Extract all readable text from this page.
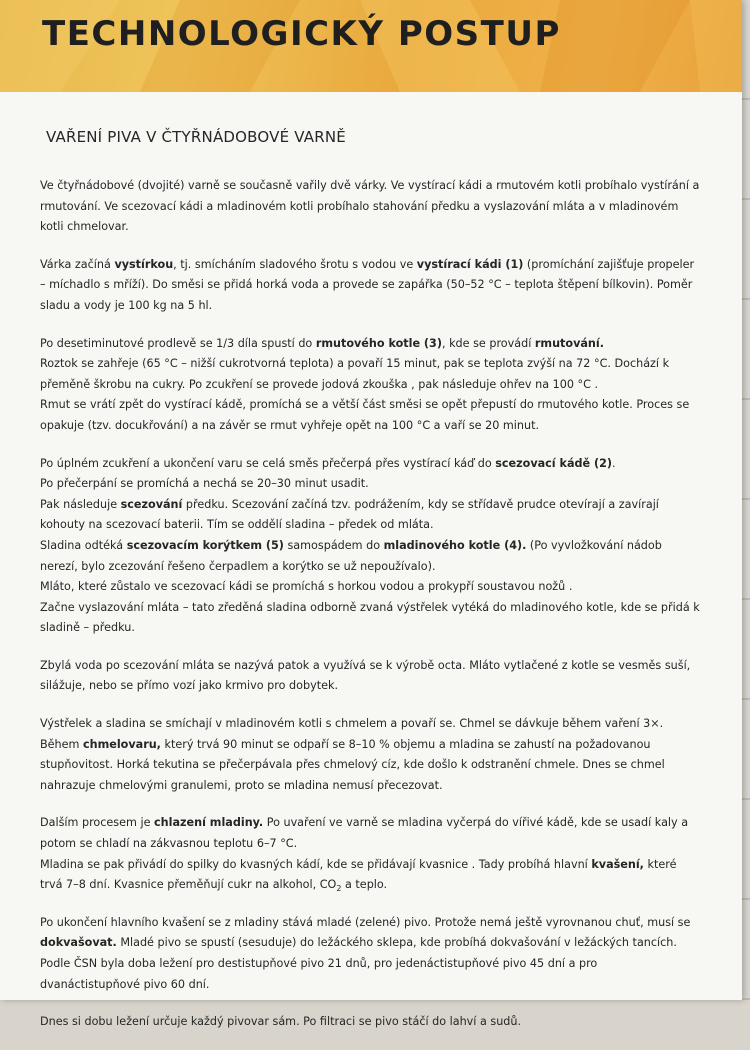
TECHNOLOGICKÝ POSTUP
VAŘENÍ PIVA V ČTYŘNÁDOBOVÉ VARNĚ

Ve čtyřnádobové (dvojité) varně se současně vařily dvě várky. Ve vystírací kádi a rmutovém kotli probíhalo vystírání a rmutování. Ve scezovací kádi a mladinovém kotli probíhalo stahování předku a vyslazování mláta a v mladinovém kotli chmelovar.

Várka začíná vystírkou, tj. smícháním sladového šrotu s vodou ve vystírací kádi (1) (promíchání zajišťuje propeler – míchadlo s mříží). Do směsi se přidá horká voda a provede se zapářka (50–52 °C – teplota štěpení bílkovin). Poměr sladu a vody je 100 kg na 5 hl.

Po desetiminutové prodlevě se 1/3 díla spustí do rmutového kotle (3), kde se provádí rmutování.

Roztok se zahřeje (65 °C – nižší cukrotvorná teplota) a povaří 15 minut, pak se teplota zvýší na 72 °C. Dochází k přeměně škrobu na cukry. Po zcukření se provede jodová zkouška , pak následuje ohřev na 100 °C .

Rmut se vrátí zpět do vystírací kádě, promíchá se a větší část směsi se opět přepustí do rmutového kotle. Proces se opakuje (tzv. docukřování) a na závěr se rmut vyhřeje opět na 100 °C a vaří se 20 minut.

Po úplném zcukření a ukončení varu se celá směs přečerpá přes vystírací káď do scezovací kádě (2).

Po přečerpání se promíchá a nechá se 20–30 minut usadit.

Pak následuje scezování předku. Scezování začíná tzv. podrážením, kdy se střídavě prudce otevírají a zavírají kohouty na scezovací baterii. Tím se oddělí sladina – předek od mláta.

Sladina odtéká scezovacím korýtkem (5) samospádem do mladinového kotle (4). (Po vyvložkování nádob nerezí, bylo zcezování řešeno čerpadlem a korýtko se už nepoužívalo).

Mláto, které zůstalo ve scezovací kádi se promíchá s horkou vodou a prokypří soustavou nožů .

Začne vyslazování mláta – tato zředěná sladina odborně zvaná výstřelek vytéká do mladinového kotle, kde se přidá k sladině – předku.

Zbylá voda po scezování mláta se nazývá patok a využívá se k výrobě octa. Mláto vytlačené z kotle se vesměs suší, silážuje, nebo se přímo vozí jako krmivo pro dobytek.

Výstřelek a sladina se smíchají v mladinovém kotli s chmelem a povaří se. Chmel se dávkuje během vaření 3×. Během chmelovaru, který trvá 90 minut se odpaří se 8–10 % objemu a mladina se zahustí na požadovanou stupňovitost. Horká tekutina se přečerpávala přes chmelový cíz, kde došlo k odstranění chmele. Dnes se chmel nahrazuje chmelovými granulemi, proto se mladina nemusí přecezovat.

Dalším procesem je chlazení mladiny. Po uvaření ve varně se mladina vyčerpá do vířivé kádě, kde se usadí kaly a potom se chladí na zákvasnou teplotu 6–7 °C.

Mladina se pak přivádí do spilky do kvasných kádí, kde se přidávají kvasnice . Tady probíhá hlavní kvašení, které trvá 7–8 dní. Kvasnice přeměňují cukr na alkohol, $CO_2$ a teplo.

Po ukončení hlavního kvašení se z mladiny stává mladé (zelené) pivo. Protože nemá ještě vyrovnanou chuť, musí se dokvašovat. Mladé pivo se spustí (sesuduje) do ležáckého sklepa, kde probíhá dokvašování v ležáckých tancích. Podle ČSN byla doba ležení pro destistupňové pivo 21 dnů, pro jedenáctistupňové pivo 45 dní a pro dvanáctistupňové pivo 60 dní.

Dnes si dobu ležení určuje každý pivovar sám. Po filtraci se pivo stáčí do lahví a sudů.
